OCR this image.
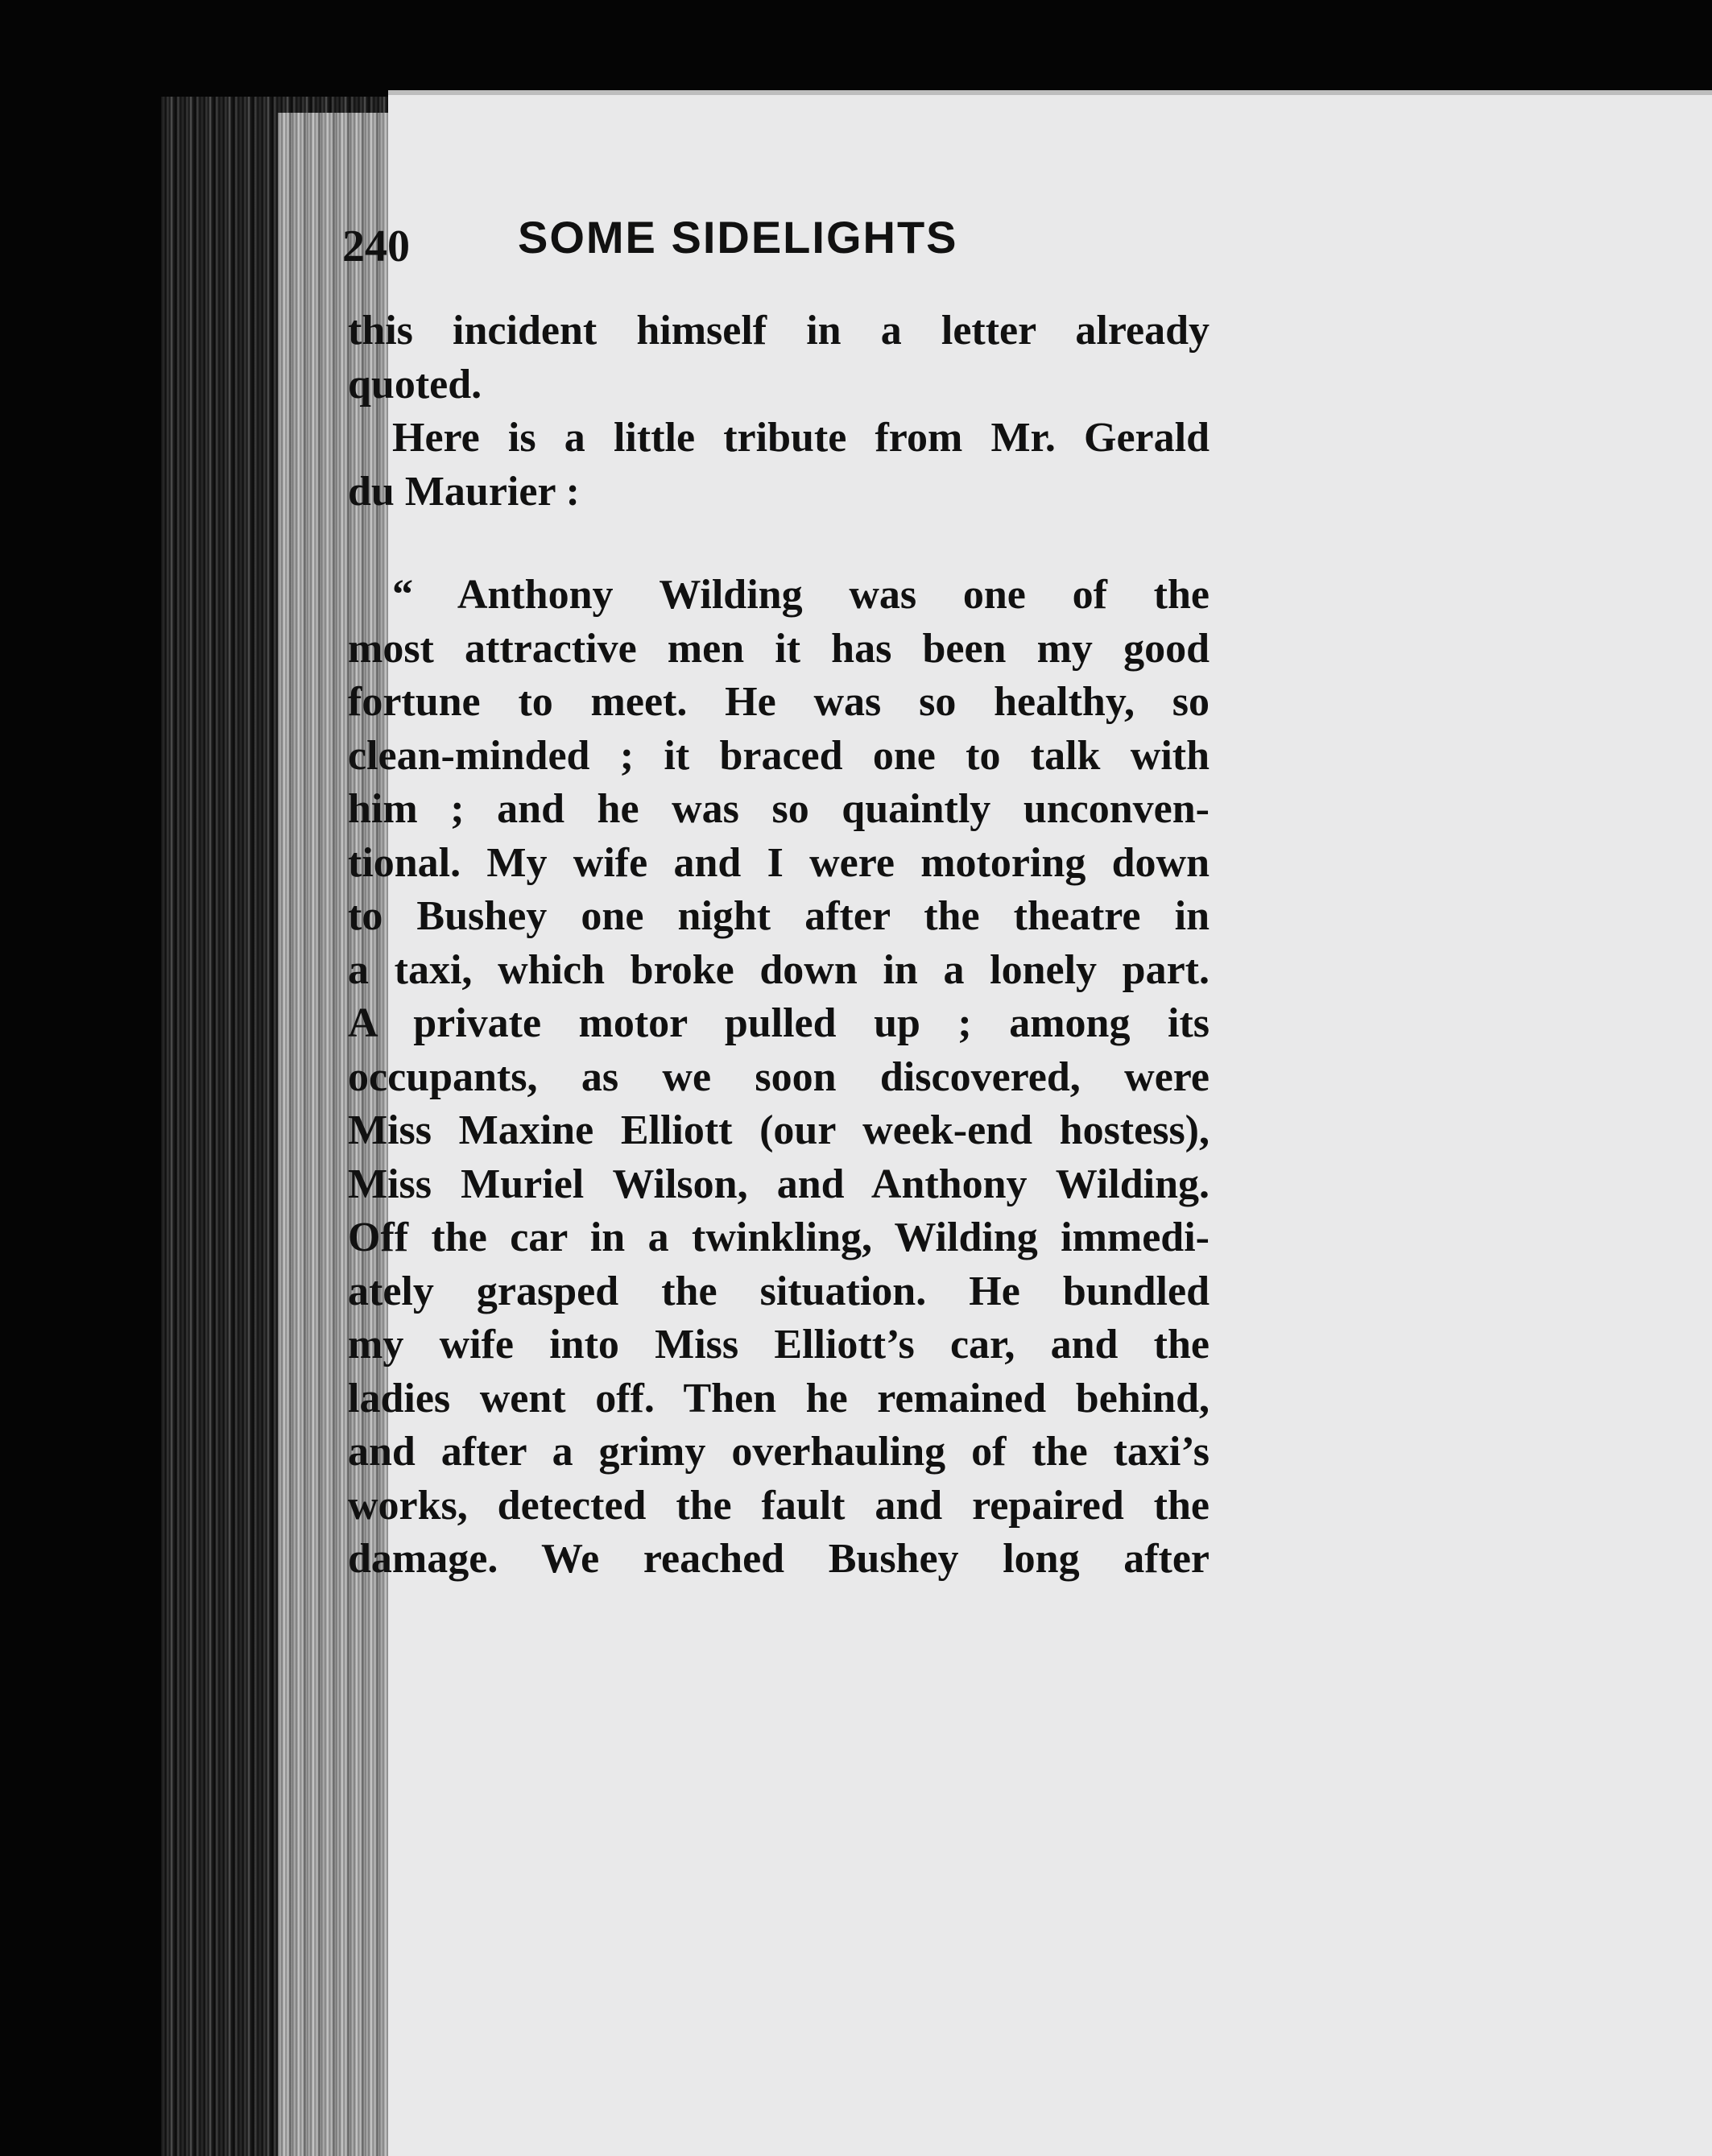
240 SOME SIDELIGHTS
this incident himself in a letter already
quoted.
Here is a little tribute from Mr. Gerald
du Maurier :
“ Anthony Wilding was one of the
most attractive men it has been my good
fortune to meet. He was so healthy, so
clean-minded ; it braced one to talk with
him ; and he was so quaintly unconven-
tional. My wife and I were motoring down
to Bushey one night after the theatre in
a taxi, which broke down in a lonely part.
A private motor pulled up ; among its
occupants, as we soon discovered, were
Miss Maxine Elliott (our week-end hostess),
Miss Muriel Wilson, and Anthony Wilding.
Off the car in a twinkling, Wilding immedi-
ately grasped the situation. He bundled
my wife into Miss Elliott’s car, and the
ladies went off. Then he remained behind,
and after a grimy overhauling of the taxi’s
works, detected the fault and repaired the
damage. We reached Bushey long after
